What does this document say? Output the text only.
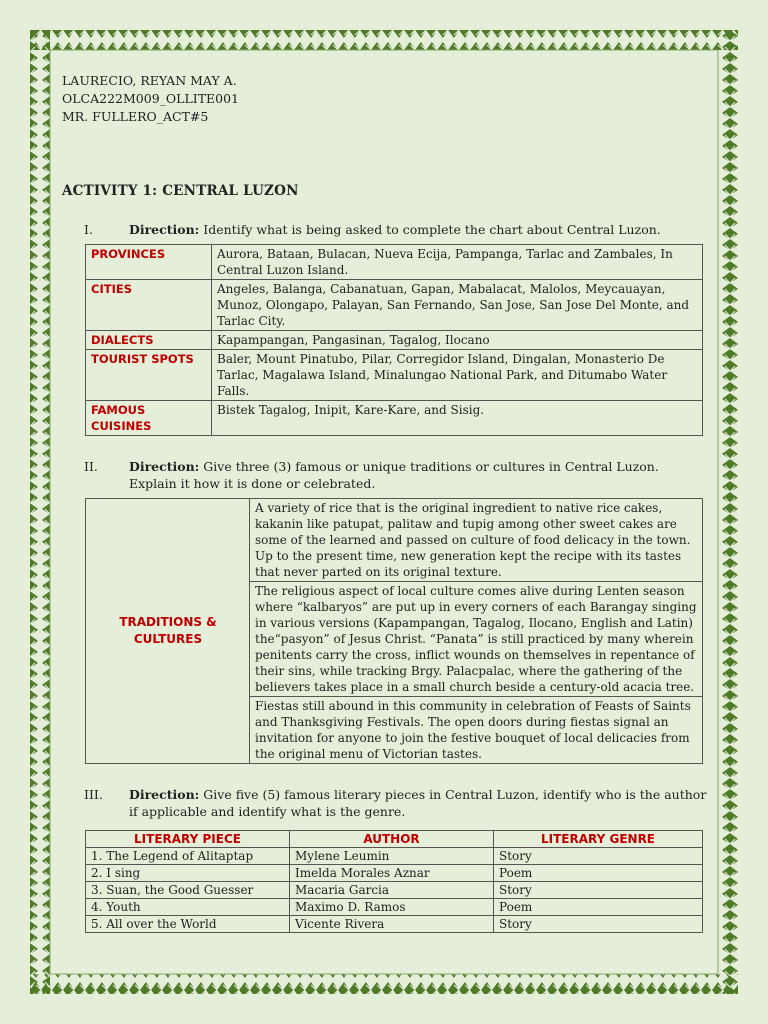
LAURECIO, REYAN MAY A.

OLCA222M009_OLLITE001

MR. FULLERO_ACT#5

ACTIVITY 1: CENTRAL LUZON

I.	Direction: Identify what is being asked to complete the chart about Central Luzon.
PROVINCES	Aurora, Bataan, Bulacan, Nueva Ecija, Pampanga, Tarlac and Zambales, In Central Luzon Island.
CITIES	Angeles, Balanga, Cabanatuan, Gapan, Mabalacat, Malolos, Meycauayan, Munoz, Olongapo, Palayan, San Fernando, San Jose, San Jose Del Monte, and Tarlac City.
DIALECTS	Kapampangan, Pangasinan, Tagalog, Ilocano
TOURIST SPOTS	Baler, Mount Pinatubo, Pilar, Corregidor Island, Dingalan, Monasterio De Tarlac, Magalawa Island, Minalungao National Park, and Ditumabo Water Falls.
FAMOUS CUISINES	Bistek Tagalog, Inipit, Kare-Kare, and Sisig.
II. Direction: Give three (3) famous or unique traditions or cultures in Central Luzon. Explain it how it is done or celebrated.
TRADITIONS & CULTURES	A variety of rice that is the original ingredient to native rice cakes, kakanin like patupat, palitaw and tupig among other sweet cakes are some of the learned and passed on culture of food delicacy in the town. Up to the present time, new generation kept the recipe with its tastes that never parted on its original texture.
The religious aspect of local culture comes alive during Lenten season where “kalbaryos” are put up in every corners of each Barangay singing in various versions (Kapampangan, Tagalog, Ilocano, English and Latin) the“pasyon” of Jesus Christ. “Panata” is still practiced by many wherein penitents carry the cross, inflict wounds on themselves in repentance of their sins, while tracking Brgy. Palacpalac, where the gathering of the believers takes place in a small church beside a century-old acacia tree.
Fiestas still abound in this community in celebration of Feasts of Saints and Thanksgiving Festivals. The open doors during fiestas signal an invitation for anyone to join the festive bouquet of local delicacies from the original menu of Victorian tastes.
III. Direction: Give five (5) famous literary pieces in Central Luzon, identify who is the author if applicable and identify what is the genre.
LITERARY PIECE	AUTHOR	LITERARY GENRE
1. The Legend of Alitaptap	Mylene Leumin	Story
2. I sing	Imelda Morales Aznar	Poem
3. Suan, the Good Guesser	Macaria Garcia	Story
4. Youth	Maximo D. Ramos	Poem
5. All over the World	Vicente Rivera	Story
